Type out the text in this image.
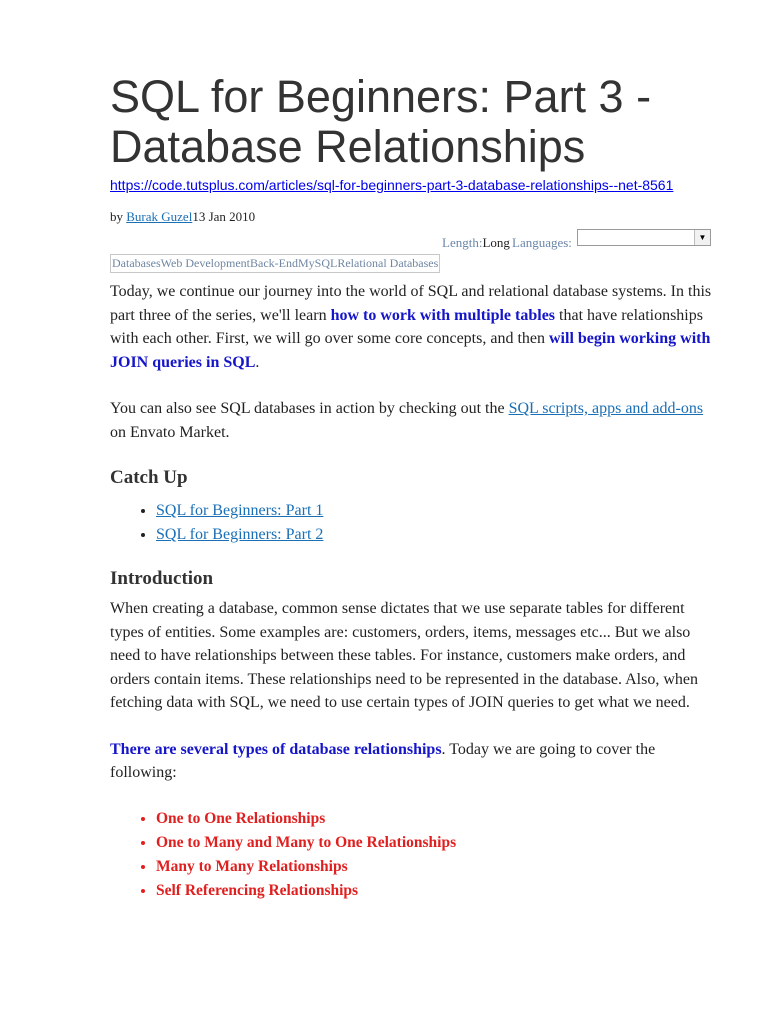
SQL for Beginners: Part 3 - Database Relationships
https://code.tutsplus.com/articles/sql-for-beginners-part-3-database-relationships--net-8561
by Burak Guzel13 Jan 2010
Length:Long Languages:	▼
DatabasesWeb DevelopmentBack-EndMySQLRelational Databases

Today, we continue our journey into the world of SQL and relational database systems. In this part three of the series, we'll learn how to work with multiple tables that have relationships with each other. First, we will go over some core concepts, and then will begin working with JOIN queries in SQL.

You can also see SQL databases in action by checking out the SQL scripts, apps and add-ons on Envato Market.

Catch Up
• SQL for Beginners: Part 1
• SQL for Beginners: Part 2
Introduction

When creating a database, common sense dictates that we use separate tables for different types of entities. Some examples are: customers, orders, items, messages etc... But we also need to have relationships between these tables. For instance, customers make orders, and orders contain items. These relationships need to be represented in the database. Also, when fetching data with SQL, we need to use certain types of JOIN queries to get what we need.

There are several types of database relationships. Today we are going to cover the following:

• One to One Relationships
• One to Many and Many to One Relationships
• Many to Many Relationships
• Self Referencing Relationships
